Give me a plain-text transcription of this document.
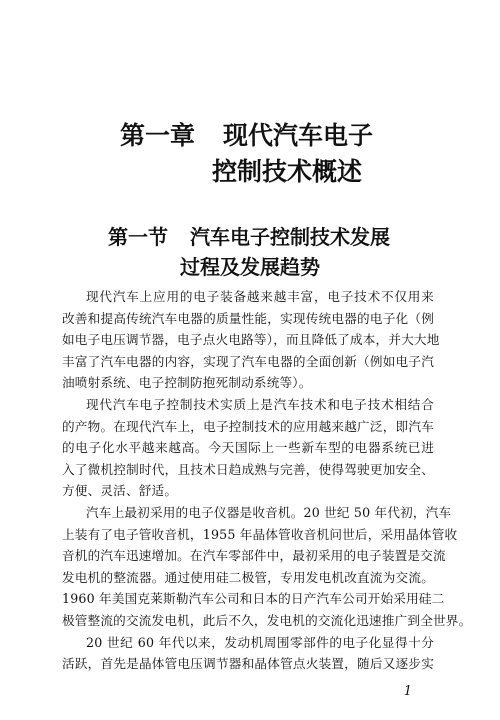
第一章 现代汽车电子
控制技术概述
第一节 汽车电子控制技术发展
过程及发展趋势

现代汽车上应用的电子装备越来越丰富，电子技术不仅用来
改善和提高传统汽车电器的质量性能，实现传统电器的电子化（例
如电子电压调节器，电子点火电路等），而且降低了成本，并大大地
丰富了汽车电器的内容，实现了汽车电器的全面创新（例如电子汽
油喷射系统、电子控制防抱死制动系统等）。

现代汽车电子控制技术实质上是汽车技术和电子技术相结合
的产物。在现代汽车上，电子控制技术的应用越来越广泛，即汽车
的电子化水平越来越高。今天国际上一些新车型的电器系统已进
入了微机控制时代，且技术日趋成熟与完善，使得驾驶更加安全、
方便、灵活、舒适。

汽车上最初采用的电子仪器是收音机。20 世纪 50 年代初，汽车
上装有了电子管收音机，1955 年晶体管收音机问世后，采用晶体管收
音机的汽车迅速增加。在汽车零部件中，最初采用的电子装置是交流
发电机的整流器。通过使用硅二极管，专用发电机改直流为交流。
1960 年美国克莱斯勒汽车公司和日本的日产汽车公司开始采用硅二
极管整流的交流发电机，此后不久，发电机的交流化迅速推广到全世界。

20 世纪 60 年代以来，发动机周围零部件的电子化显得十分
活跃，首先是晶体管电压调节器和晶体管点火装置，随后又逐步实

1
